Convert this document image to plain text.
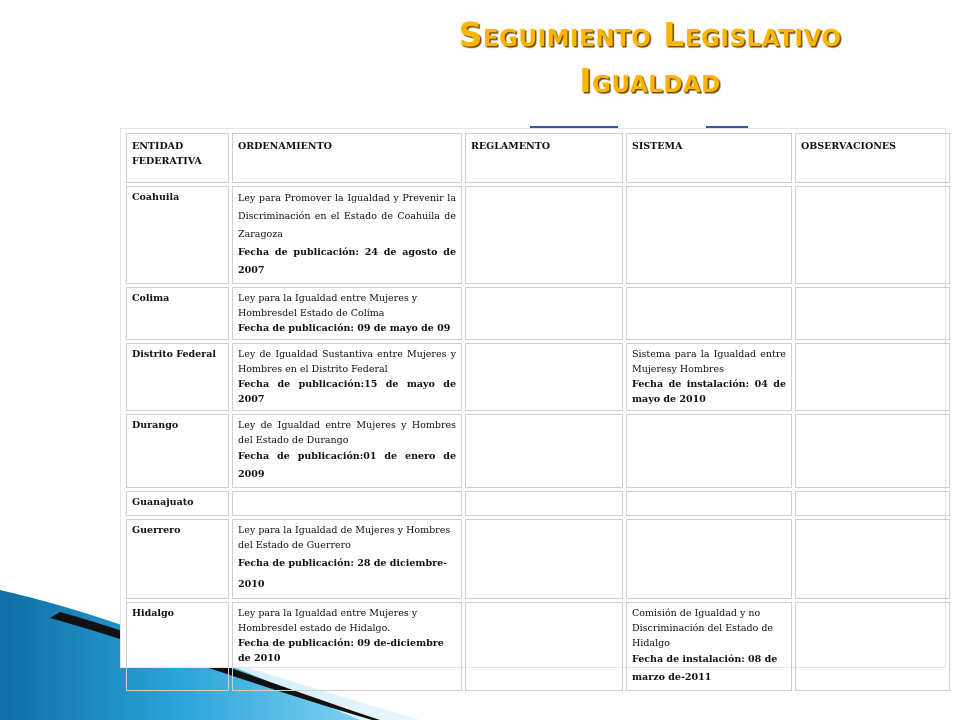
Seguimiento Legislativo
Igualdad
ENTIDAD FEDERATIVA	ORDENAMIENTO	REGLAMENTO	SISTEMA	OBSERVACIONES
Coahuila	Ley para Promover la Igualdad y Prevenir la Discriminación en el Estado de Coahuila de Zaragoza
Fecha de publicación: 24 de agosto de 2007			

Colima	Ley para la Igualdad entre Mujeres y Hombresdel Estado de Colima
Fecha de publicación: 09 de mayo de 09			

Distrito Federal	Ley de Igualdad Sustantiva entre Mujeres y Hombres en el Distrito Federal
Fecha de publicación:15 de mayo de 2007		Sistema para la Igualdad entre Mujeresy Hombres
Fecha de instalación: 04 de mayo de 2010	

Durango	Ley de Igualdad entre Mujeres y Hombres del Estado de Durango
Fecha de publicación:01 de enero de 2009			

Guanajuato	

Guerrero	Ley para la Igualdad de Mujeres y Hombres del Estado de Guerrero
Fecha de publicación: 28 de diciembre-2010			

Hidalgo	Ley para la Igualdad entre Mujeres y Hombresdel estado de Hidalgo.
Fecha de publicación: 09 de-diciembre de 2010		Comisión de Igualdad y no Discriminación del Estado de Hidalgo
Fecha de instalación: 08 de marzo de-2011	
